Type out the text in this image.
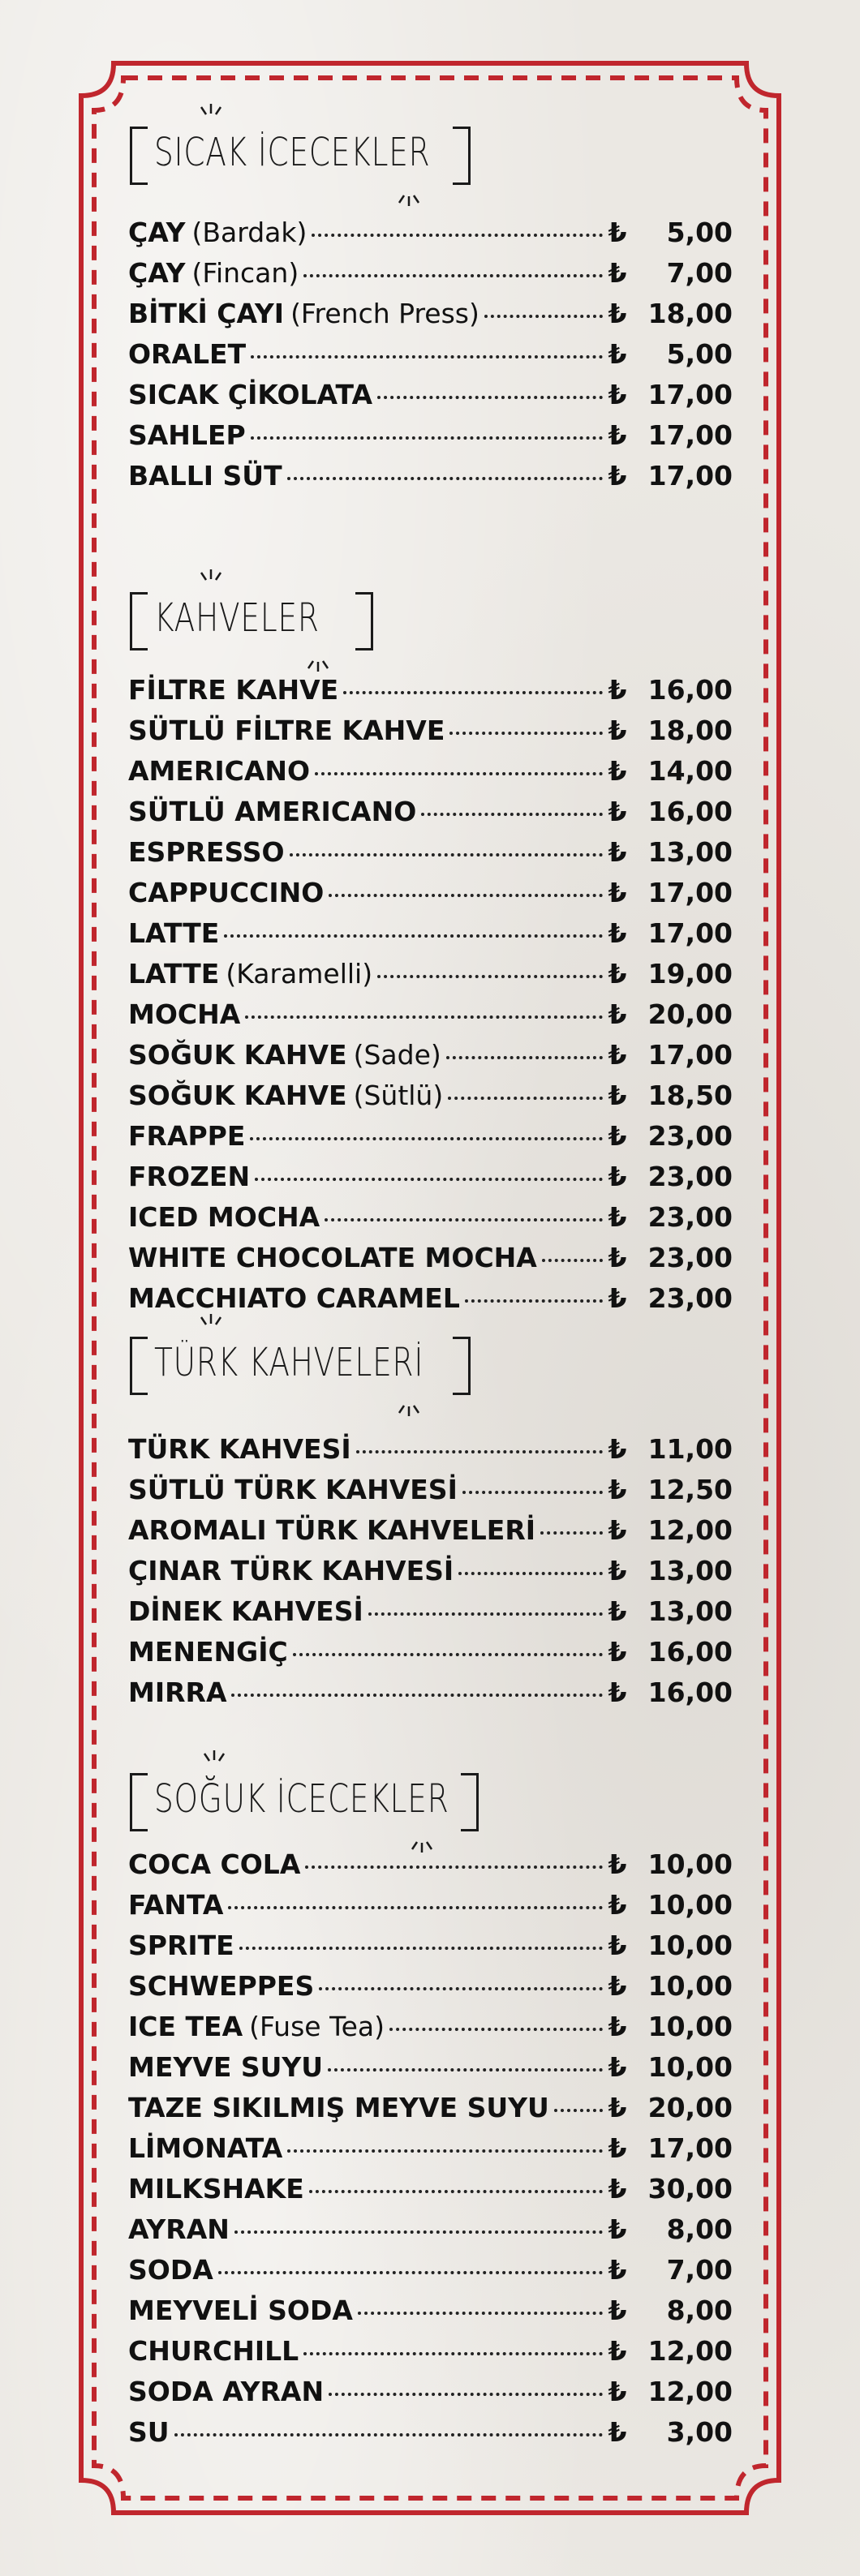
SICAK İCECEKLER
KAHVELER
TÜRK KAHVELERİ
SOĞUK İCECEKLER
ÇAY (Bardak)	₺	5,00
ÇAY (Fincan)	₺	7,00
BİTKİ ÇAYI (French Press)	₺ 18,00
ORALET	₺	5,00
SICAK ÇİKOLATA	₺ 17,00
SAHLEP	₺ 17,00
BALLI SÜT	₺ 17,00
FİLTRE KAHVE	₺ 16,00
SÜTLÜ FİLTRE KAHVE	₺ 18,00
AMERICANO	₺ 14,00
SÜTLÜ AMERICANO	₺ 16,00
ESPRESSO	₺ 13,00
CAPPUCCINO	₺ 17,00
LATTE	₺ 17,00
LATTE (Karamelli)	₺ 19,00
MOCHA	₺ 20,00
SOĞUK KAHVE (Sade)	₺ 17,00
SOĞUK KAHVE (Sütlü)	₺ 18,50
FRAPPE	₺ 23,00
FROZEN	₺ 23,00
ICED MOCHA	₺ 23,00
WHITE CHOCOLATE MOCHA	₺ 23,00
MACCHIATO CARAMEL	₺ 23,00
TÜRK KAHVESİ	₺ 11,00
SÜTLÜ TÜRK KAHVESİ	₺ 12,50
AROMALI TÜRK KAHVELERİ	₺ 12,00
ÇINAR TÜRK KAHVESİ	₺ 13,00
DİNEK KAHVESİ	₺ 13,00
MENENGİÇ	₺ 16,00
MIRRA	₺ 16,00
COCA COLA	₺ 10,00
FANTA	₺ 10,00
SPRITE	₺ 10,00
SCHWEPPES	₺ 10,00
ICE TEA (Fuse Tea)	₺ 10,00
MEYVE SUYU	₺ 10,00
TAZE SIKILMIŞ MEYVE SUYU ₺ 20,00
LİMONATA	₺ 17,00
MILKSHAKE	₺ 30,00
AYRAN	₺	8,00
SODA	₺	7,00
MEYVELİ SODA	₺	8,00
CHURCHILL	₺ 12,00
SODA AYRAN	₺ 12,00
SU	₺	3,00
